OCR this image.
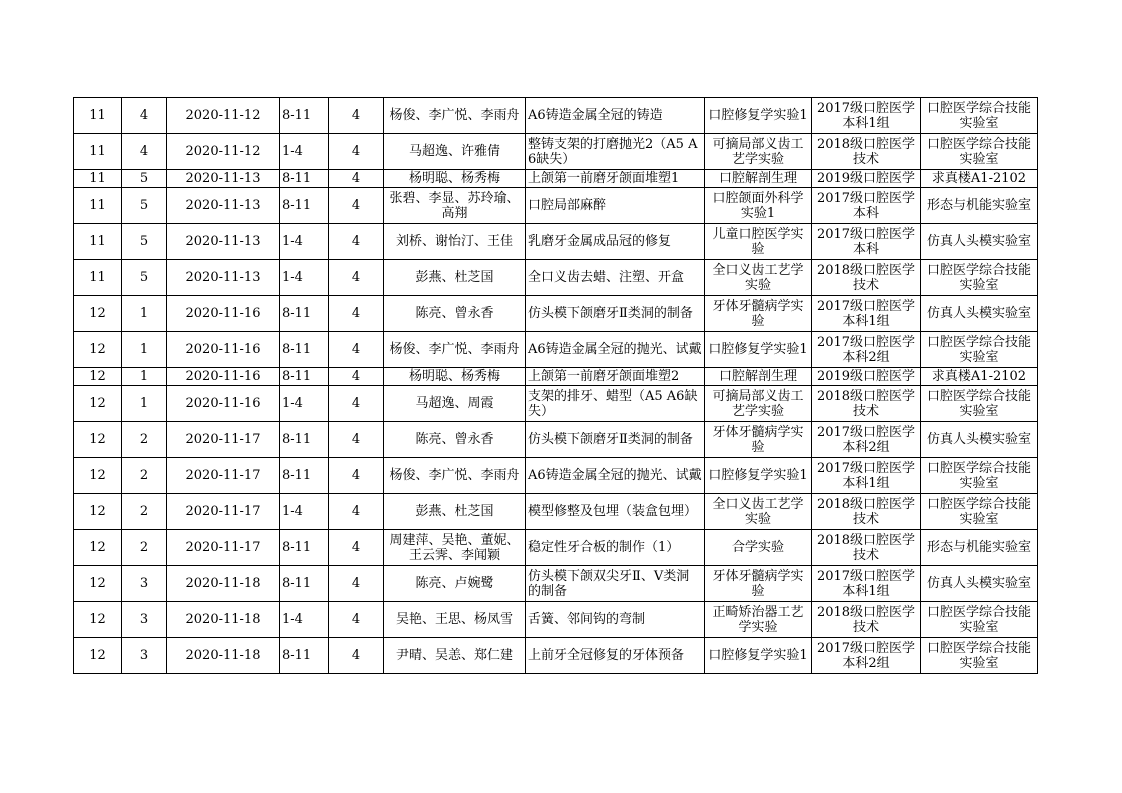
11	4	2020-11-12	8-11	4	杨俊、李广悦、李雨舟	A6铸造金属全冠的铸造	口腔修复学实验1	2017级口腔医学本科1组	口腔医学综合技能实验室
11	4	2020-11-12	1-4	4	马超逸、许雅倩	整铸支架的打磨抛光2（A5 A6缺失）	可摘局部义齿工艺学实验	2018级口腔医学技术	口腔医学综合技能实验室
11	5	2020-11-13	8-11	4	杨明聪、杨秀梅	上颌第一前磨牙颌面堆塑1	口腔解剖生理	2019级口腔医学	求真楼A1-2102
11	5	2020-11-13	8-11	4	张碧、李显、苏玲瑜、高翔	口腔局部麻醉	口腔颌面外科学实验1	2017级口腔医学本科	形态与机能实验室
11	5	2020-11-13	1-4	4	刘桥、谢怡汀、王佳	乳磨牙金属成品冠的修复	儿童口腔医学实验	2017级口腔医学本科	仿真人头模实验室
11	5	2020-11-13	1-4	4	彭燕、杜芝国	全口义齿去蜡、注塑、开盒	全口义齿工艺学实验	2018级口腔医学技术	口腔医学综合技能实验室
12	1	2020-11-16	8-11	4	陈亮、曾永香	仿头模下颌磨牙Ⅱ类洞的制备	牙体牙髓病学实验	2017级口腔医学本科1组	仿真人头模实验室
12	1	2020-11-16	8-11	4	杨俊、李广悦、李雨舟	A6铸造金属全冠的抛光、试戴	口腔修复学实验1	2017级口腔医学本科2组	口腔医学综合技能实验室
12	1	2020-11-16	8-11	4	杨明聪、杨秀梅	上颌第一前磨牙颌面堆塑2	口腔解剖生理	2019级口腔医学	求真楼A1-2102
12	1	2020-11-16	1-4	4	马超逸、周霞	支架的排牙、蜡型（A5 A6缺失）	可摘局部义齿工艺学实验	2018级口腔医学技术	口腔医学综合技能实验室
12	2	2020-11-17	8-11	4	陈亮、曾永香	仿头模下颌磨牙Ⅱ类洞的制备	牙体牙髓病学实验	2017级口腔医学本科2组	仿真人头模实验室
12	2	2020-11-17	8-11	4	杨俊、李广悦、李雨舟	A6铸造金属全冠的抛光、试戴	口腔修复学实验1	2017级口腔医学本科1组	口腔医学综合技能实验室
12	2	2020-11-17	1-4	4	彭燕、杜芝国	模型修整及包埋（装盒包埋）	全口义齿工艺学实验	2018级口腔医学技术	口腔医学综合技能实验室
12	2	2020-11-17	8-11	4	周建萍、吴艳、董妮、王云霁、李闻颖	稳定性牙合板的制作（1）	合学实验	2018级口腔医学技术	形态与机能实验室
12	3	2020-11-18	8-11	4	陈亮、卢婉鹭	仿头模下颌双尖牙Ⅱ、Ⅴ类洞的制备	牙体牙髓病学实验	2017级口腔医学本科1组	仿真人头模实验室
12	3	2020-11-18	1-4	4	吴艳、王思、杨凤雪	舌簧、邻间钩的弯制	正畸矫治器工艺学实验	2018级口腔医学技术	口腔医学综合技能实验室
12	3	2020-11-18	8-11	4	尹晴、吴恙、郑仁建	上前牙全冠修复的牙体预备	口腔修复学实验1	2017级口腔医学本科2组	口腔医学综合技能实验室
